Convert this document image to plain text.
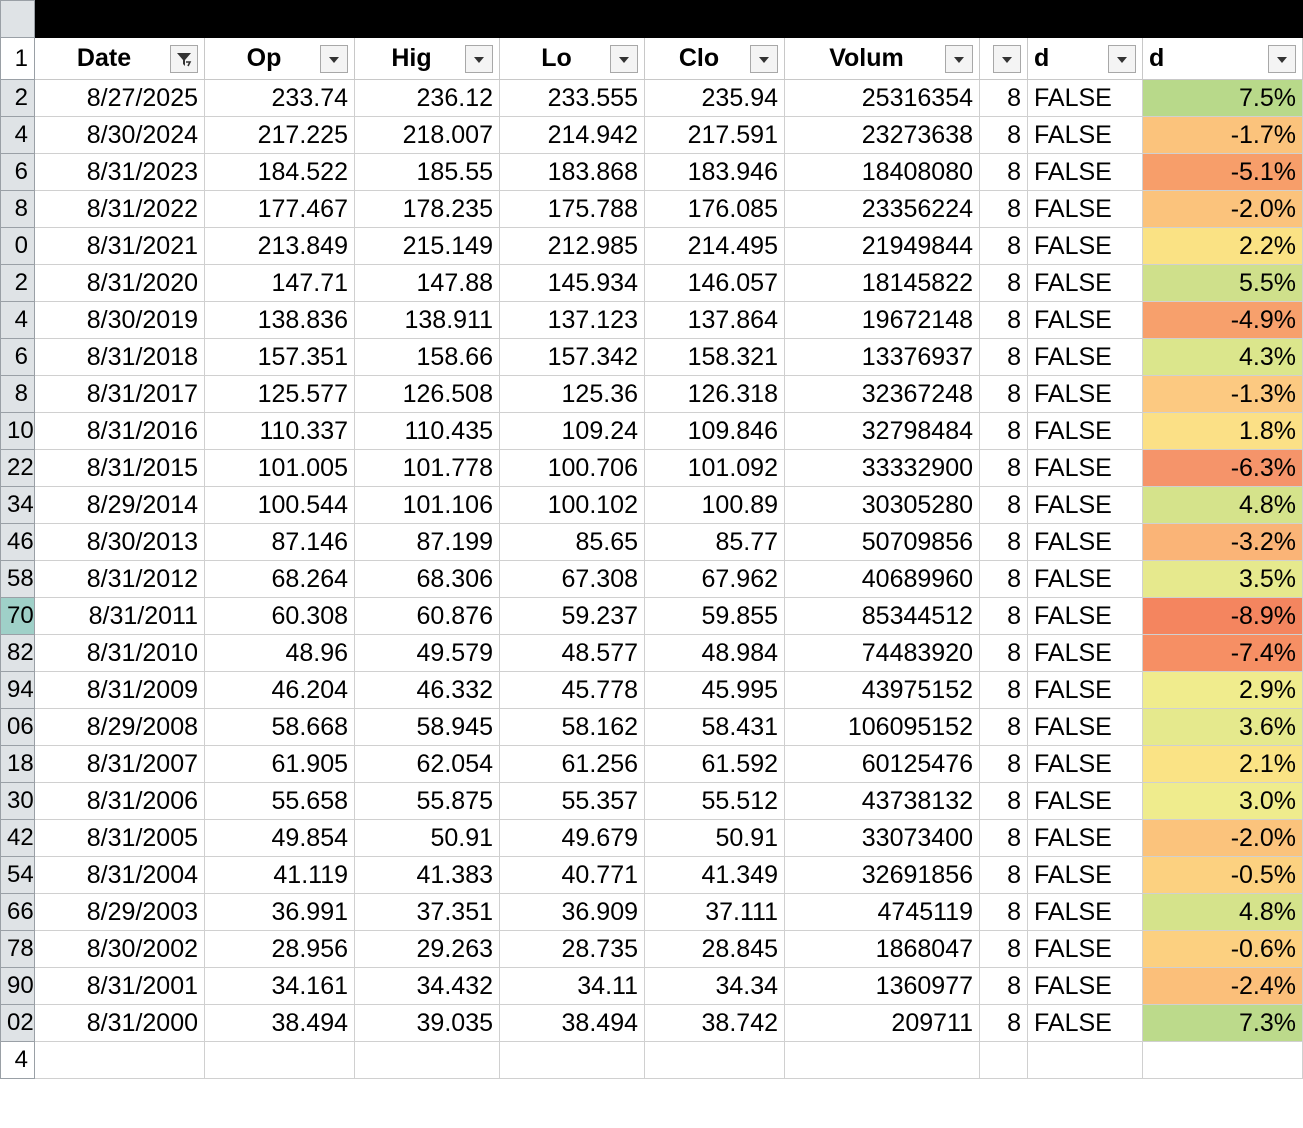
1	Date	Op	Hig	Lo	Clo	Volum		d	d

2	8/27/2025	233.74	236.12	233.555	235.94	25316354	8	FALSE	7.5%
4	8/30/2024	217.225	218.007	214.942	217.591	23273638	8	FALSE	-1.7%
6	8/31/2023	184.522	185.55	183.868	183.946	18408080	8	FALSE	-5.1%
8	8/31/2022	177.467	178.235	175.788	176.085	23356224	8	FALSE	-2.0%
0	8/31/2021	213.849	215.149	212.985	214.495	21949844	8	FALSE	2.2%
2	8/31/2020	147.71	147.88	145.934	146.057	18145822	8	FALSE	5.5%
4	8/30/2019	138.836	138.911	137.123	137.864	19672148	8	FALSE	-4.9%
6	8/31/2018	157.351	158.66	157.342	158.321	13376937	8	FALSE	4.3%
8	8/31/2017	125.577	126.508	125.36	126.318	32367248	8	FALSE	-1.3%
10	8/31/2016	110.337	110.435	109.24	109.846	32798484	8	FALSE	1.8%
22	8/31/2015	101.005	101.778	100.706	101.092	33332900	8	FALSE	-6.3%
34	8/29/2014	100.544	101.106	100.102	100.89	30305280	8	FALSE	4.8%
46	8/30/2013	87.146	87.199	85.65	85.77	50709856	8	FALSE	-3.2%
58	8/31/2012	68.264	68.306	67.308	67.962	40689960	8	FALSE	3.5%
70	8/31/2011	60.308	60.876	59.237	59.855	85344512	8	FALSE	-8.9%
82	8/31/2010	48.96	49.579	48.577	48.984	74483920	8	FALSE	-7.4%
94	8/31/2009	46.204	46.332	45.778	45.995	43975152	8	FALSE	2.9%
06	8/29/2008	58.668	58.945	58.162	58.431	106095152	8	FALSE	3.6%
18	8/31/2007	61.905	62.054	61.256	61.592	60125476	8	FALSE	2.1%
30	8/31/2006	55.658	55.875	55.357	55.512	43738132	8	FALSE	3.0%
42	8/31/2005	49.854	50.91	49.679	50.91	33073400	8	FALSE	-2.0%
54	8/31/2004	41.119	41.383	40.771	41.349	32691856	8	FALSE	-0.5%
66	8/29/2003	36.991	37.351	36.909	37.111	4745119	8	FALSE	4.8%
78	8/30/2002	28.956	29.263	28.735	28.845	1868047	8	FALSE	-0.6%
90	8/31/2001	34.161	34.432	34.11	34.34	1360977	8	FALSE	-2.4%
02	8/31/2000	38.494	39.035	38.494	38.742	209711	8	FALSE	7.3%
4									
